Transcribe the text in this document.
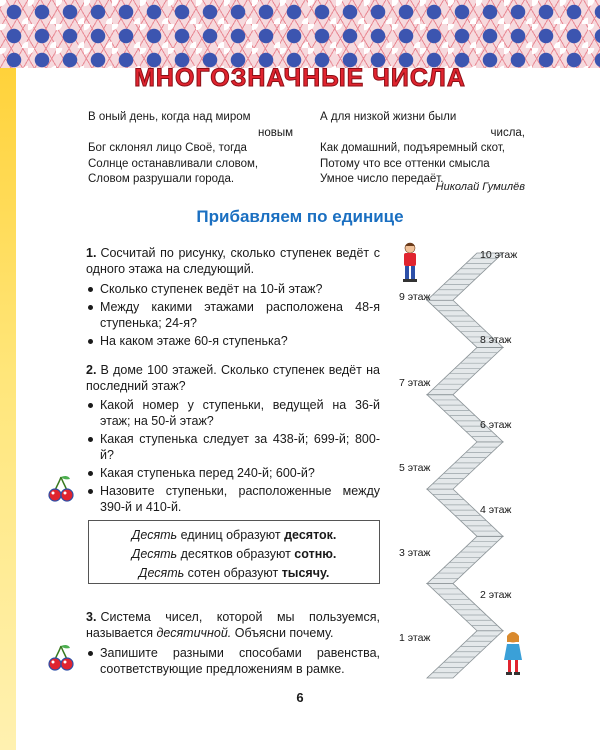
МНОГОЗНАЧНЫЕ ЧИСЛА
В оный день, когда над миром
новым
Бог склонял лицо Своё, тогда
Солнце останавливали словом,
Словом разрушали города.
А для низкой жизни были
числа,
Как домашний, подъяремный скот,
Потому что все оттенки смысла
Умное число передаёт.
Николай Гумилёв
Прибавляем по единице

1. Сосчитай по рисунку, сколько ступенек ведёт с одного этажа на следующий.

Сколько ступенек ведёт на 10-й этаж?
Между какими этажами расположена 48-я ступенька; 24-я?
На каком этаже 60-я ступенька?

2. В доме 100 этажей. Сколько ступенек ведёт на последний этаж?

Какой номер у ступеньки, ведущей на 36-й этаж; на 50-й этаж?
Какая ступенька следует за 438-й; 699-й; 800-й?
Какая ступенька перед 240-й; 600-й?
Назовите ступеньки, расположенные между 390-й и 410-й.
Десять единиц образуют десяток.
Десять десятков образуют сотню.
Десять сотен образуют тысячу.

3. Система чисел, которой мы пользуемся, называется десятичной. Объясни почему.

Запишите разными способами равенства, соответствующие предложениям в рамке.
10 этаж
9 этаж
8 этаж
7 этаж
6 этаж
5 этаж
4 этаж
3 этаж
2 этаж
1 этаж
6
